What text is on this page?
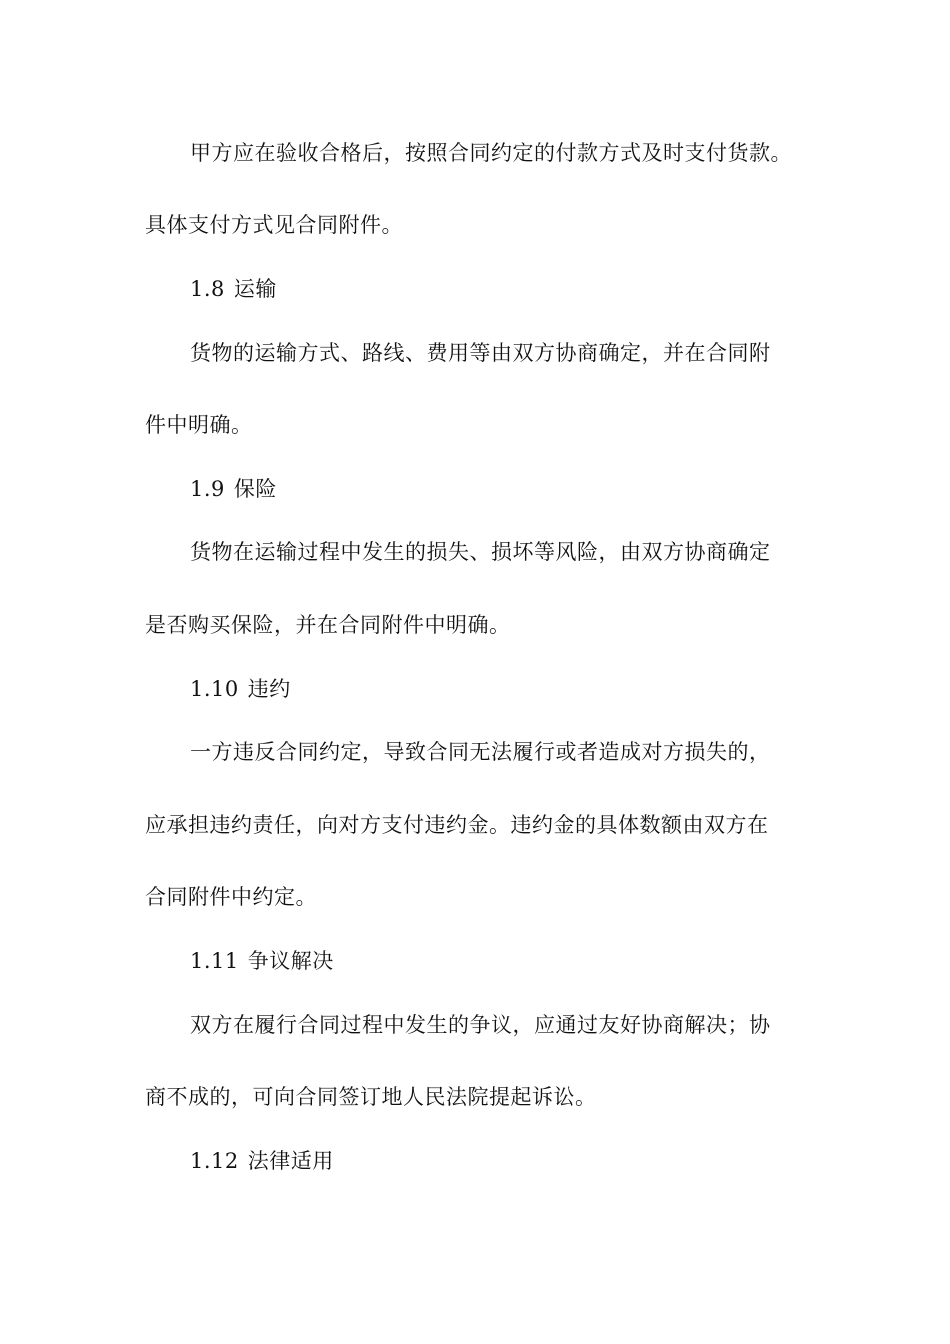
甲方应在验收合格后，按照合同约定的付款方式及时支付货款。
具体支付方式见合同附件。
1.8 运输
货物的运输方式、路线、费用等由双方协商确定，并在合同附
件中明确。
1.9 保险
货物在运输过程中发生的损失、损坏等风险，由双方协商确定
是否购买保险，并在合同附件中明确。
1.10 违约
一方违反合同约定，导致合同无法履行或者造成对方损失的，
应承担违约责任，向对方支付违约金。违约金的具体数额由双方在
合同附件中约定。
1.11 争议解决
双方在履行合同过程中发生的争议，应通过友好协商解决；协
商不成的，可向合同签订地人民法院提起诉讼。
1.12 法律适用
